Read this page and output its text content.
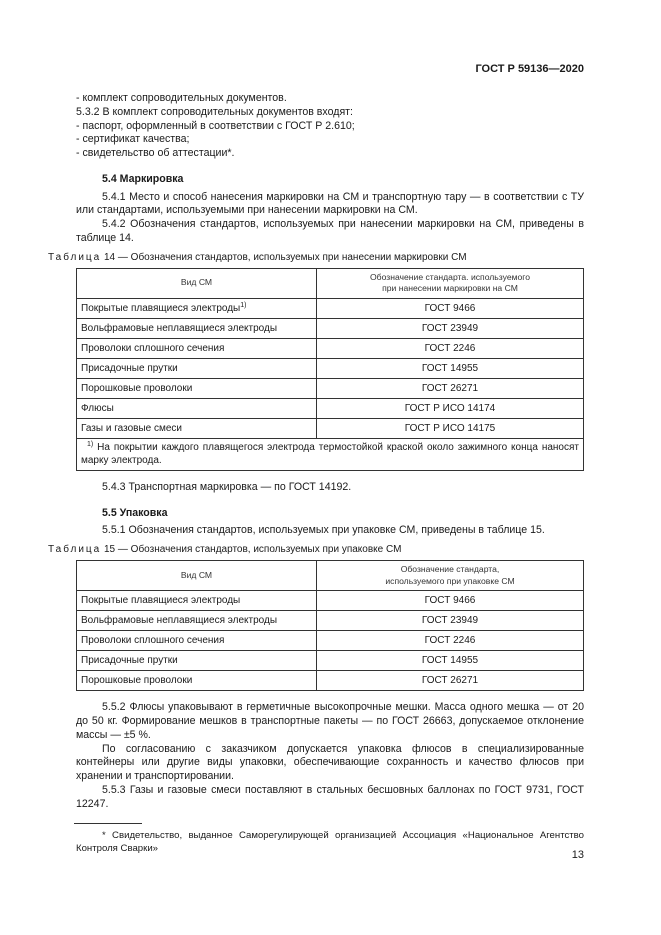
ГОСТ Р 59136—2020

- комплект сопроводительных документов.

5.3.2 В комплект сопроводительных документов входят:

- паспорт, оформленный в соответствии с ГОСТ Р 2.610;

- сертификат качества;

- свидетельство об аттестации*.

5.4 Маркировка

5.4.1 Место и способ нанесения маркировки на СМ и транспортную тару — в соответствии с ТУ или стандартами, используемыми при нанесении маркировки на СМ.

5.4.2 Обозначения стандартов, используемых при нанесении маркировки на СМ, приведены в таблице 14.

Таблица 14 — Обозначения стандартов, используемых при нанесении маркировки СМ

Вид СМ	Обозначение стандарта. используемого
при нанесении маркировки на СМ
Покрытые плавящиеся электроды$^{1)}$	ГОСТ 9466
Вольфрамовые неплавящиеся электроды	ГОСТ 23949
Проволоки сплошного сечения	ГОСТ 2246
Присадочные прутки	ГОСТ 14955
Порошковые проволоки	ГОСТ 26271
Флюсы	ГОСТ Р ИСО 14174
Газы и газовые смеси	ГОСТ Р ИСО 14175
$^{1)}$ На покрытии каждого плавящегося электрода термостойкой краской около зажимного конца наносят марку электрода.	

5.4.3 Транспортная маркировка — по ГОСТ 14192.

5.5 Упаковка

5.5.1 Обозначения стандартов, используемых при упаковке СМ, приведены в таблице 15.

Таблица 15 — Обозначения стандартов, используемых при упаковке СМ

Вид СМ	Обозначение стандарта,
используемого при упаковке СМ
Покрытые плавящиеся электроды	ГОСТ 9466
Вольфрамовые неплавящиеся электроды	ГОСТ 23949
Проволоки сплошного сечения	ГОСТ 2246
Присадочные прутки	ГОСТ 14955
Порошковые проволоки	ГОСТ 26271

5.5.2 Флюсы упаковывают в герметичные высокопрочные мешки. Масса одного мешка — от 20 до 50 кг. Формирование мешков в транспортные пакеты — по ГОСТ 26663, допускаемое отклонение массы — ±5 %.

По согласованию с заказчиком допускается упаковка флюсов в специализированные контейнеры или другие виды упаковки, обеспечивающие сохранность и качество флюсов при хранении и транспортировании.

5.5.3 Газы и газовые смеси поставляют в стальных бесшовных баллонах по ГОСТ 9731, ГОСТ 12247.

* Свидетельство, выданное Саморегулирующей организацией Ассоциация «Национальное Агентство Контроля Сварки»

13
